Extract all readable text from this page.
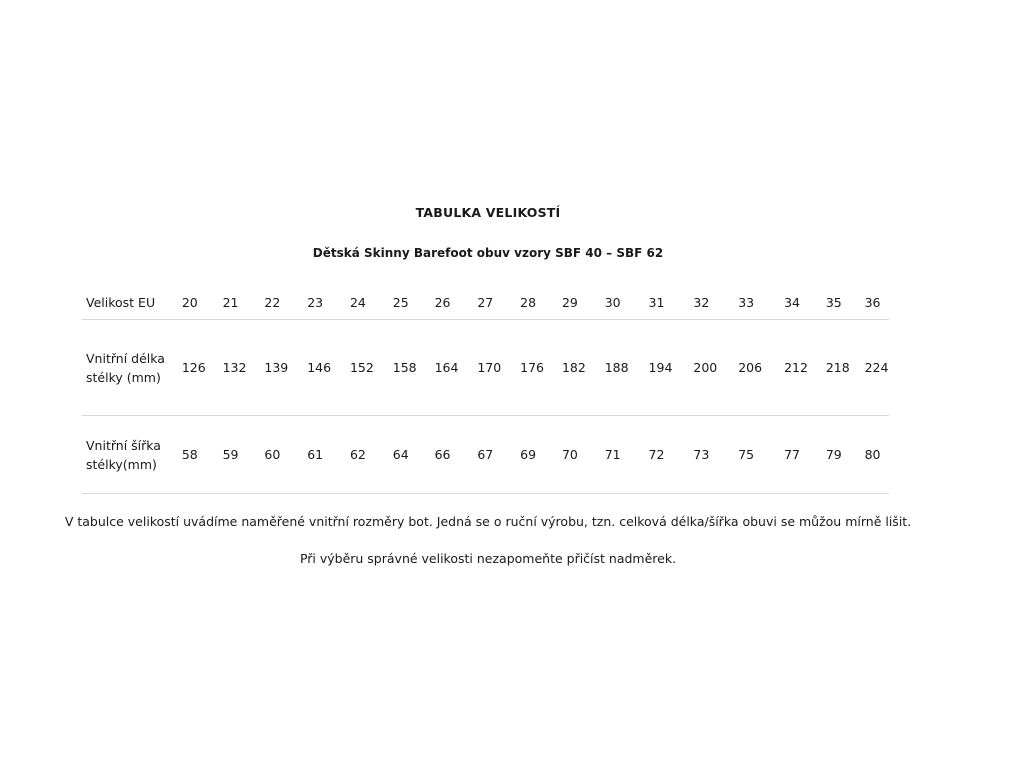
TABULKA VELIKOSTÍ
Dětská Skinny Barefoot obuv vzory SBF 40 – SBF 62
Velikost EU	20	21	22	23	24	25	26	27	28	29	30	31	32	33	34	35	36
Vnitřní délka stélky (mm)	126	132	139	146	152	158	164	170	176	182	188	194	200	206	212	218	224
Vnitřní šířka stélky(mm)	58	59	60	61	62	64	66	67	69	70	71	72	73	75	77	79	80
V tabulce velikostí uvádíme naměřené vnitřní rozměry bot. Jedná se o ruční výrobu, tzn. celková délka/šířka obuvi se můžou mírně lišit.
Při výběru správné velikosti nezapomeňte přičíst nadměrek.
